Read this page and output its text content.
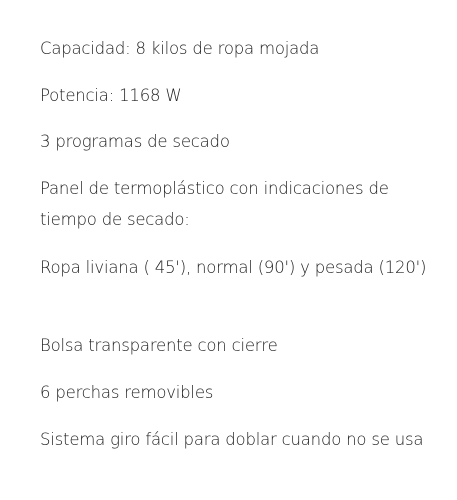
Capacidad: 8 kilos de ropa mojada
Potencia: 1168 W
3 programas de secado
Panel de termoplástico con indicaciones de tiempo de secado:
Ropa liviana ( 45'), normal (90') y pesada (120')
Bolsa transparente con cierre
6 perchas removibles
Sistema giro fácil para doblar cuando no se usa
